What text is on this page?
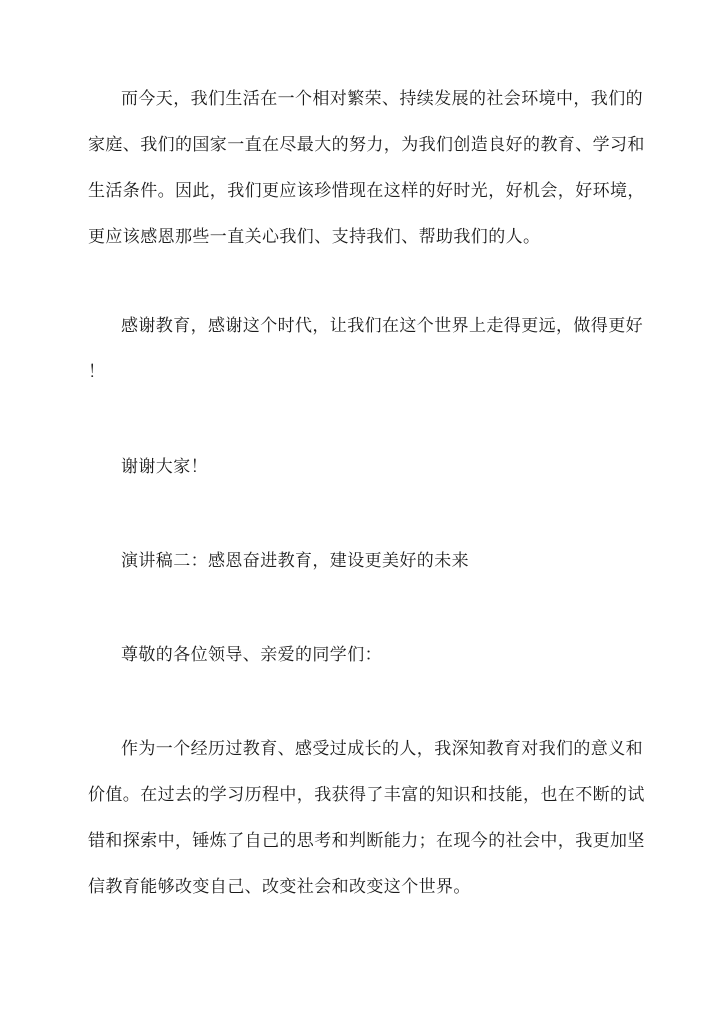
而今天，我们生活在一个相对繁荣、持续发展的社会环境中，我们的
家庭、我们的国家一直在尽最大的努力，为我们创造良好的教育、学习和
生活条件。因此，我们更应该珍惜现在这样的好时光，好机会，好环境，
更应该感恩那些一直关心我们、支持我们、帮助我们的人。
感谢教育，感谢这个时代，让我们在这个世界上走得更远，做得更好
！
谢谢大家！
演讲稿二：感恩奋进教育，建设更美好的未来
尊敬的各位领导、亲爱的同学们：
作为一个经历过教育、感受过成长的人，我深知教育对我们的意义和
价值。在过去的学习历程中，我获得了丰富的知识和技能，也在不断的试
错和探索中，锤炼了自己的思考和判断能力；在现今的社会中，我更加坚
信教育能够改变自己、改变社会和改变这个世界。
